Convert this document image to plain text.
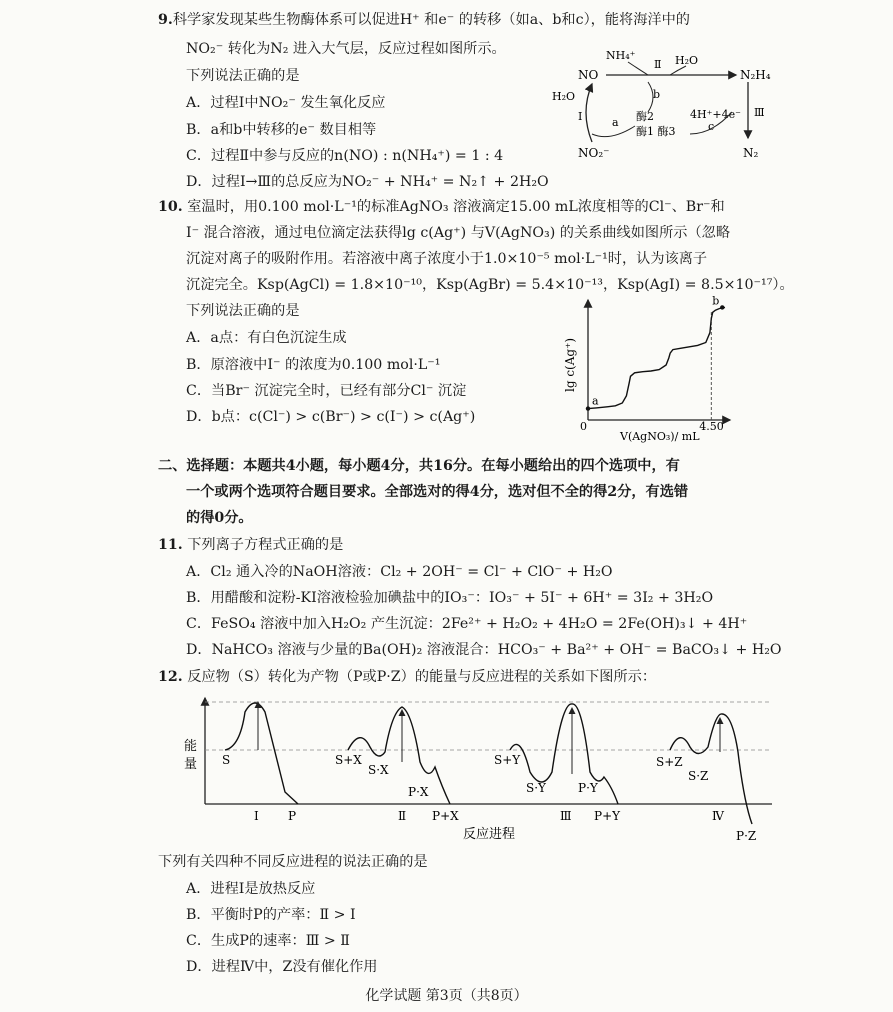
9.科学家发现某些生物酶体系可以促进H⁺ 和e⁻ 的转移（如a、b和c），能将海洋中的
NO₂⁻ 转化为N₂ 进入大气层，反应过程如图所示。
下列说法正确的是
A．过程Ⅰ中NO₂⁻ 发生氧化反应
B．a和b中转移的e⁻ 数目相等
C．过程Ⅱ中参与反应的n(NO) : n(NH₄⁺) = 1 : 4
D．过程Ⅰ→Ⅲ的总反应为NO₂⁻ + NH₄⁺ = N₂↑ + 2H₂O
NH₄⁺	H₂O
Ⅱ
NO	N₂H₄
H₂O
Ⅰ	a
b
酶2
酶1 酶3
4H⁺+4e⁻
c
Ⅲ
NO₂⁻	N₂
10. 室温时，用0.100 mol·L⁻¹的标准AgNO₃ 溶液滴定15.00 mL浓度相等的Cl⁻、Br⁻和
I⁻ 混合溶液，通过电位滴定法获得lg c(Ag⁺) 与V(AgNO₃) 的关系曲线如图所示（忽略
沉淀对离子的吸附作用。若溶液中离子浓度小于1.0×10⁻⁵ mol·L⁻¹时，认为该离子
沉淀完全。Ksp(AgCl) = 1.8×10⁻¹⁰，Ksp(AgBr) = 5.4×10⁻¹³，Ksp(AgI) = 8.5×10⁻¹⁷）。
下列说法正确的是
A．a点：有白色沉淀生成
B．原溶液中I⁻ 的浓度为0.100 mol·L⁻¹
C．当Br⁻ 沉淀完全时，已经有部分Cl⁻ 沉淀
D．b点：c(Cl⁻) > c(Br⁻) > c(I⁻) > c(Ag⁺)
lg c(Ag⁺)
V(AgNO₃)/ mL
0	4.50
a
b
二、选择题：本题共4小题，每小题4分，共16分。在每小题给出的四个选项中，有
一个或两个选项符合题目要求。全部选对的得4分，选对但不全的得2分，有选错
的得0分。
11. 下列离子方程式正确的是
A．Cl₂ 通入冷的NaOH溶液：Cl₂ + 2OH⁻ = Cl⁻ + ClO⁻ + H₂O
B．用醋酸和淀粉-KI溶液检验加碘盐中的IO₃⁻：IO₃⁻ + 5I⁻ + 6H⁺ = 3I₂ + 3H₂O
C．FeSO₄ 溶液中加入H₂O₂ 产生沉淀：2Fe²⁺ + H₂O₂ + 4H₂O = 2Fe(OH)₃↓ + 4H⁺
D．NaHCO₃ 溶液与少量的Ba(OH)₂ 溶液混合：HCO₃⁻ + Ba²⁺ + OH⁻ = BaCO₃↓ + H₂O
12. 反应物（S）转化为产物（P或P·Z）的能量与反应进程的关系如下图所示：
能
量 S
Ⅰ P
S+X
S·X
P·X
Ⅱ P+X
S+Y
S·Y	P·Y
Ⅲ P+Y
S+Z
S·Z
Ⅳ
P·Z
反应进程
下列有关四种不同反应进程的说法正确的是
A．进程Ⅰ是放热反应
B．平衡时P的产率：Ⅱ > Ⅰ
C．生成P的速率：Ⅲ > Ⅱ
D．进程Ⅳ中，Z没有催化作用
化学试题 第3页（共8页）
